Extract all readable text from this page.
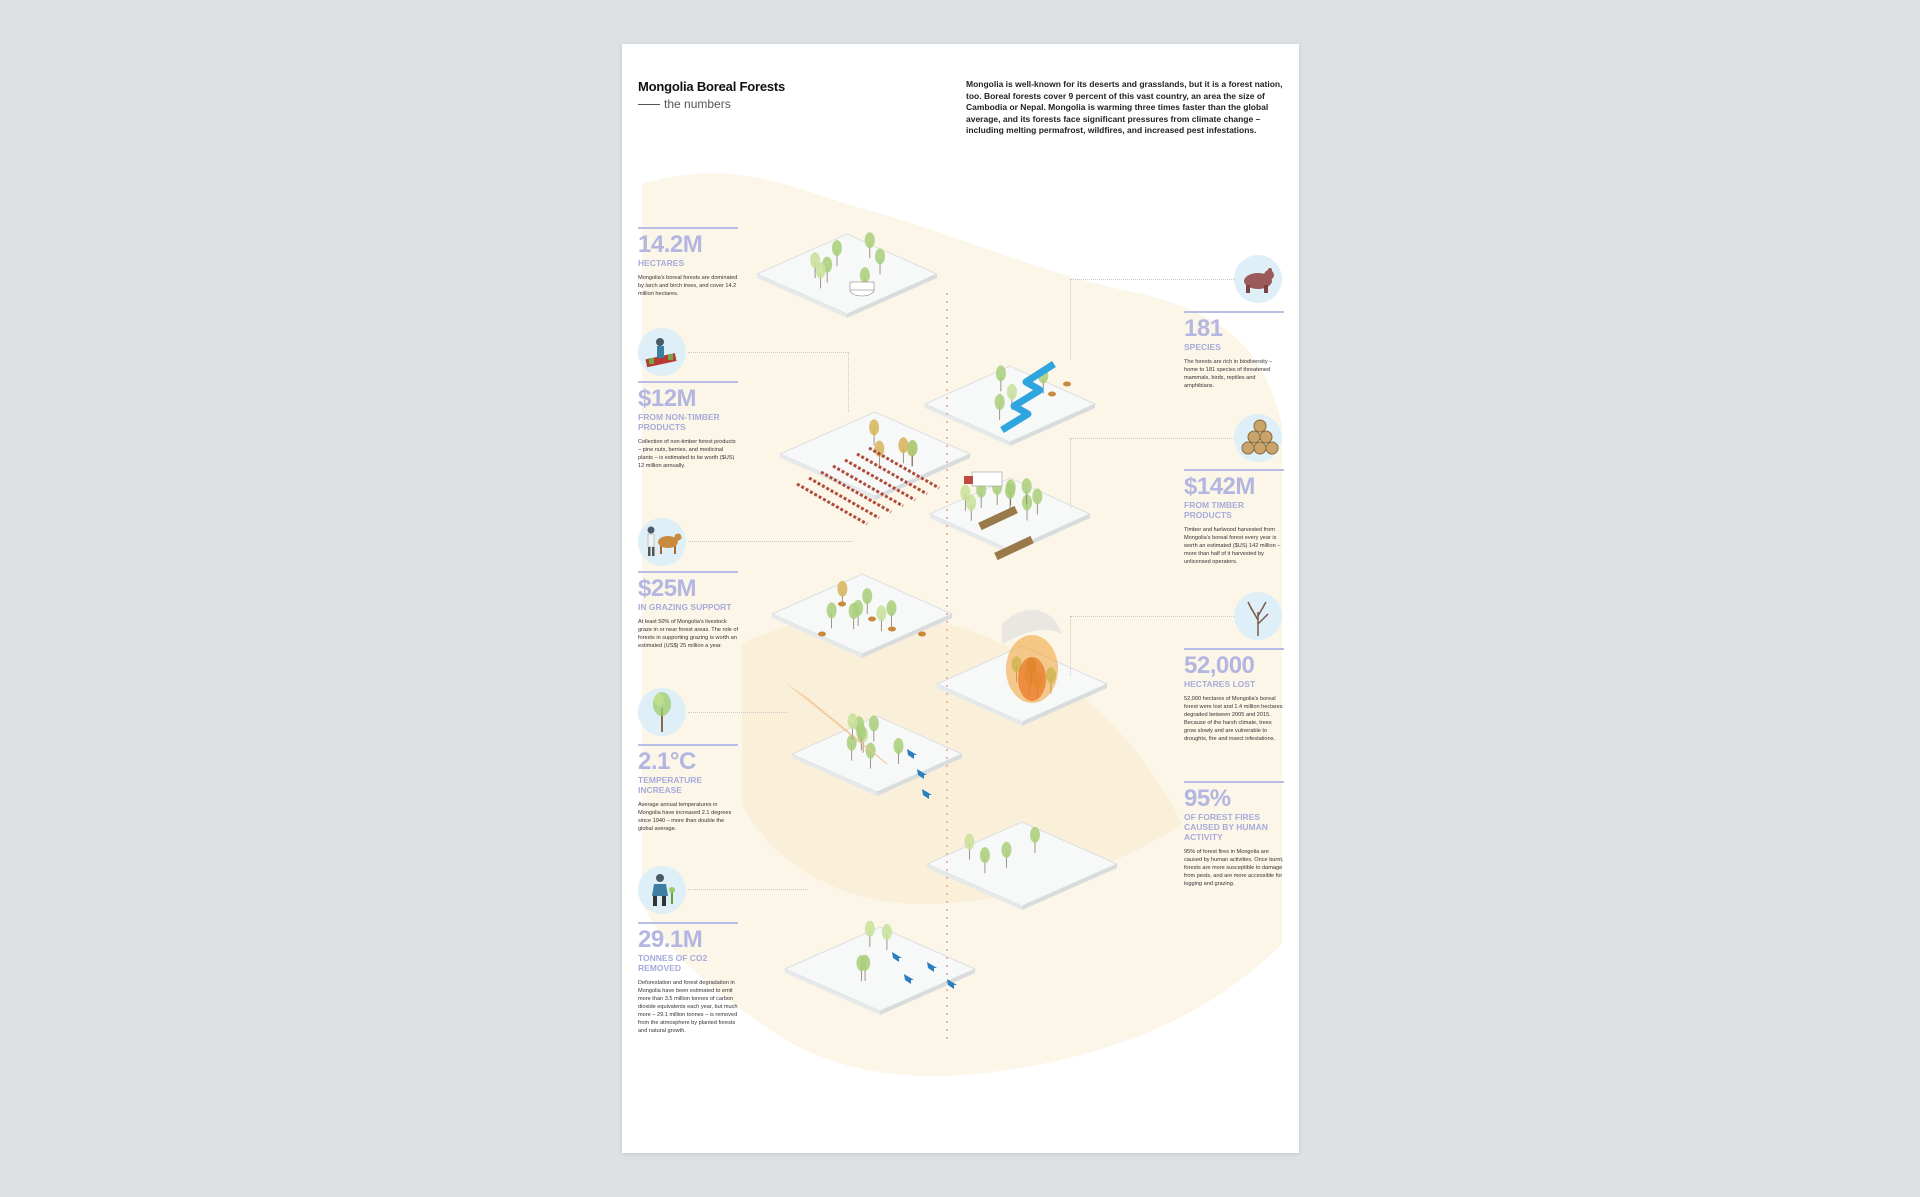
Mongolia Boreal Forests
the numbers
Mongolia is well-known for its deserts and grasslands, but it is a forest nation, too. Boreal forests cover 9 percent of this vast country, an area the size of Cambodia or Nepal. Mongolia is warming three times faster than the global average, and its forests face significant pressures from climate change – including melting permafrost, wildfires, and increased pest infestations.
14.2M
HECTARES
Mongolia's boreal forests are dominated by larch and birch trees, and cover 14.2 million hectares.
$12M
FROM NON-TIMBER PRODUCTS
Collection of non-timber forest products – pine nuts, berries, and medicinal plants – is estimated to be worth ($US) 12 million annually.
$25M
IN GRAZING SUPPORT
At least 50% of Mongolia's livestock graze in or near forest areas. The role of forests in supporting grazing is worth an estimated (US$) 25 million a year.
2.1°C
TEMPERATURE INCREASE
Average annual temperatures in Mongolia have increased 2.1 degrees since 1940 – more than double the global average.
29.1M
TONNES OF CO2 REMOVED
Deforestation and forest degradation in Mongolia have been estimated to emit more than 3.5 million tonnes of carbon dioxide equivalents each year, but much more – 29.1 million tonnes – is removed from the atmosphere by planted forests and natural growth.
181
SPECIES
The forests are rich in biodiversity – home to 181 species of threatened mammals, birds, reptiles and amphibians.
$142M
FROM TIMBER PRODUCTS
Timber and fuelwood harvested from Mongolia's boreal forest every year is worth an estimated ($US) 142 million – more than half of it harvested by unlicensed operators.
52,000
HECTARES LOST
52,000 hectares of Mongolia's boreal forest were lost and 1.4 million hectares degraded between 2005 and 2015. Because of the harsh climate, trees grow slowly and are vulnerable to droughts, fire and insect infestations.
95%
OF FOREST FIRES CAUSED BY HUMAN ACTIVITY
95% of forest fires in Mongolia are caused by human activities. Once burnt, forests are more susceptible to damage from pests, and are more accessible for logging and grazing.
